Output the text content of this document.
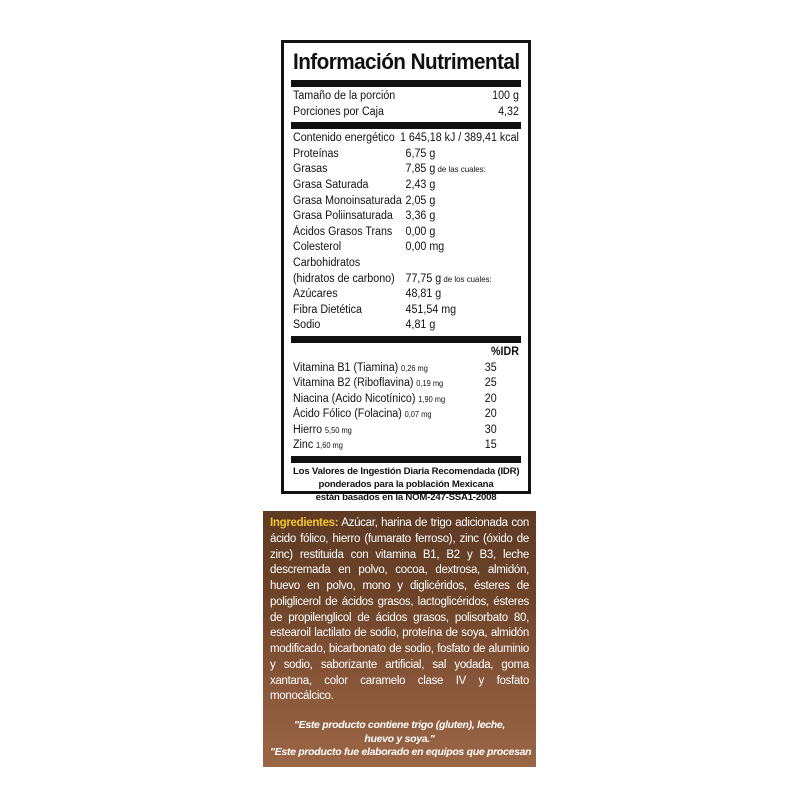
Información Nutrimental
Tamaño de la porción	100 g
Porciones por Caja	4,32
Contenido energético 1 645,18 kJ / 389,41 kcal
Proteínas	6,75 g
Grasas	7,85 g de las cuales:
Grasa Saturada	2,43 g
Grasa Monoinsaturada 2,05 g
Grasa Poliinsaturada 3,36 g
Ácidos Grasos Trans 0,00 g
Colesterol	0,00 mg
Carbohidratos
(hidratos de carbono) 77,75 g de los cuales:
Azúcares	48,81 g
Fibra Dietética	451,54 mg
Sodio	4,81 g
%IDR
Vitamina B1 (Tiamina) 0,26 mg	35
Vitamina B2 (Riboflavina) 0,19 mg	25
Niacina (Acido Nicotínico) 1,90 mg	20
Ácido Fólico (Folacina) 0,07 mg	20
Hierro 5,50 mg	30
Zinc 1,60 mg	15
Los Valores de Ingestión Diaria Recomendada (IDR)
ponderados para la población Mexicana
están basados en la NOM-247-SSA1-2008
Ingredientes: Azúcar, harina de trigo adicionada con ácido fólico, hierro (fumarato ferroso), zinc (óxido de zinc) restituida con vitamina B1, B2 y B3, leche descremada en polvo, cocoa, dextrosa, almidón, huevo en polvo, mono y diglicéridos, ésteres de poliglicerol de ácidos grasos, lactoglicéridos, ésteres de propilenglicol de ácidos grasos, polisorbato 80, estearoil lactilato de sodio, proteína de soya, almidón modificado, bicarbonato de sodio, fosfato de aluminio y sodio, saborizante artificial, sal yodada, goma xantana, color caramelo clase IV y fosfato monocálcico.
"Este producto contiene trigo (gluten), leche,
huevo y soya."
"Este producto fue elaborado en equipos que procesan
